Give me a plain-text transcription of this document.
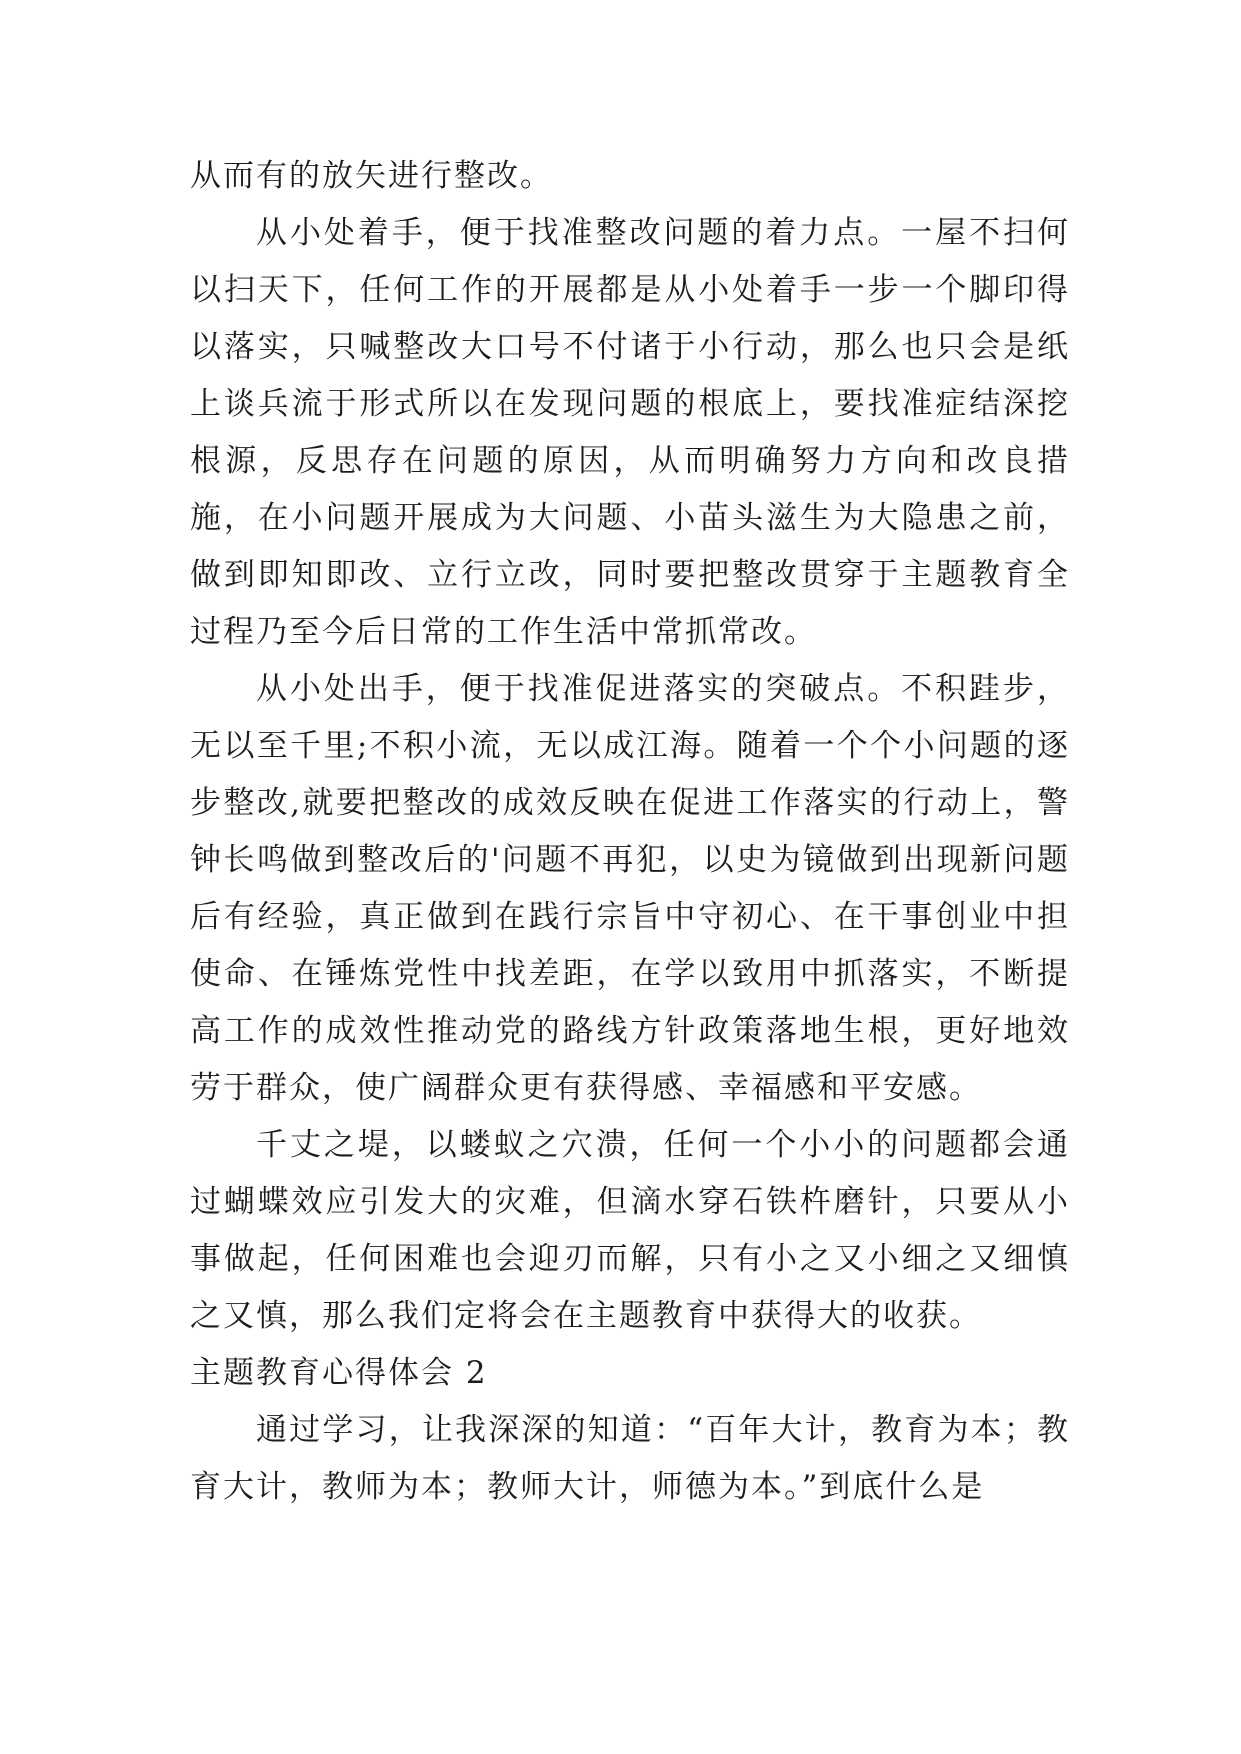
从而有的放矢进行整改。

从小处着手，便于找准整改问题的着力点。一屋不扫何以扫天下，任何工作的开展都是从小处着手一步一个脚印得以落实，只喊整改大口号不付诸于小行动，那么也只会是纸上谈兵流于形式所以在发现问题的根底上，要找准症结深挖根源，反思存在问题的原因，从而明确努力方向和改良措施，在小问题开展成为大问题、小苗头滋生为大隐患之前，做到即知即改、立行立改，同时要把整改贯穿于主题教育全过程乃至今后日常的工作生活中常抓常改。

从小处出手，便于找准促进落实的突破点。不积跬步，无以至千里;不积小流，无以成江海。随着一个个小问题的逐步整改,就要把整改的成效反映在促进工作落实的行动上，警钟长鸣做到整改后的'问题不再犯，以史为镜做到出现新问题后有经验，真正做到在践行宗旨中守初心、在干事创业中担使命、在锤炼党性中找差距，在学以致用中抓落实，不断提高工作的成效性推动党的路线方针政策落地生根，更好地效劳于群众，使广阔群众更有获得感、幸福感和平安感。

千丈之堤，以蝼蚁之穴溃，任何一个小小的问题都会通过蝴蝶效应引发大的灾难，但滴水穿石铁杵磨针，只要从小事做起，任何困难也会迎刃而解，只有小之又小细之又细慎之又慎，那么我们定将会在主题教育中获得大的收获。

主题教育心得体会 2

通过学习，让我深深的知道：“百年大计，教育为本；教育大计，教师为本；教师大计，师德为本。”到底什么是
